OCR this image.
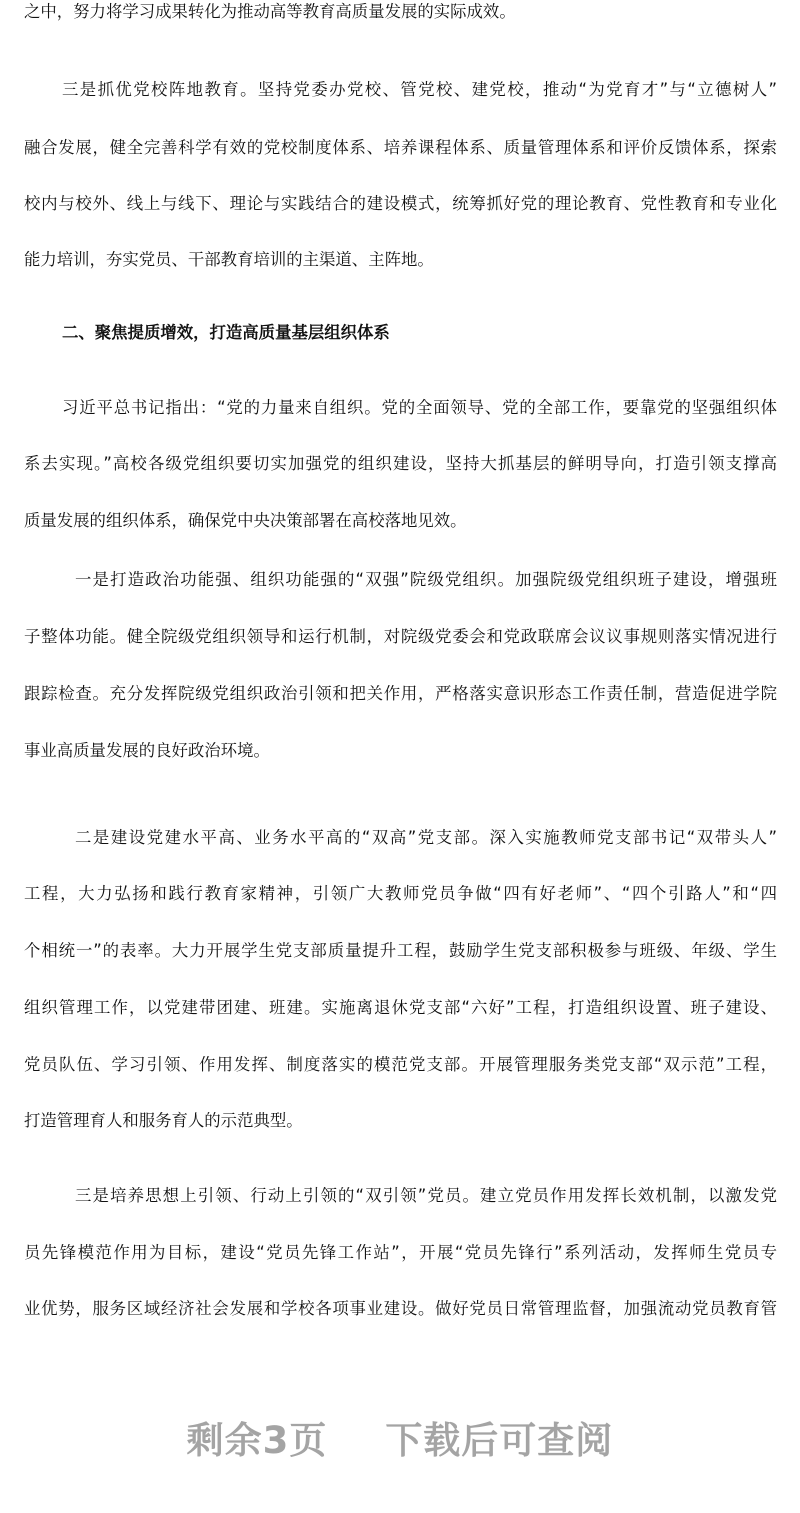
之中，努力将学习成果转化为推动高等教育高质量发展的实际成效。
三是抓优党校阵地教育。坚持党委办党校、管党校、建党校，推动“为党育才”与“立德树人”
融合发展，健全完善科学有效的党校制度体系、培养课程体系、质量管理体系和评价反馈体系，探索
校内与校外、线上与线下、理论与实践结合的建设模式，统筹抓好党的理论教育、党性教育和专业化
能力培训，夯实党员、干部教育培训的主渠道、主阵地。
二、聚焦提质增效，打造高质量基层组织体系
习近平总书记指出：“党的力量来自组织。党的全面领导、党的全部工作，要靠党的坚强组织体
系去实现。”高校各级党组织要切实加强党的组织建设，坚持大抓基层的鲜明导向，打造引领支撑高
质量发展的组织体系，确保党中央决策部署在高校落地见效。
一是打造政治功能强、组织功能强的“双强”院级党组织。加强院级党组织班子建设，增强班
子整体功能。健全院级党组织领导和运行机制，对院级党委会和党政联席会议议事规则落实情况进行
跟踪检查。充分发挥院级党组织政治引领和把关作用，严格落实意识形态工作责任制，营造促进学院
事业高质量发展的良好政治环境。
二是建设党建水平高、业务水平高的“双高”党支部。深入实施教师党支部书记“双带头人”
工程，大力弘扬和践行教育家精神，引领广大教师党员争做“四有好老师”、“四个引路人”和“四
个相统一”的表率。大力开展学生党支部质量提升工程，鼓励学生党支部积极参与班级、年级、学生
组织管理工作，以党建带团建、班建。实施离退休党支部“六好”工程，打造组织设置、班子建设、
党员队伍、学习引领、作用发挥、制度落实的模范党支部。开展管理服务类党支部“双示范”工程，
打造管理育人和服务育人的示范典型。
三是培养思想上引领、行动上引领的“双引领”党员。建立党员作用发挥长效机制，以激发党
员先锋模范作用为目标，建设“党员先锋工作站”，开展“党员先锋行”系列活动，发挥师生党员专
业优势，服务区域经济社会发展和学校各项事业建设。做好党员日常管理监督，加强流动党员教育管
剩余3页 下载后可查阅
